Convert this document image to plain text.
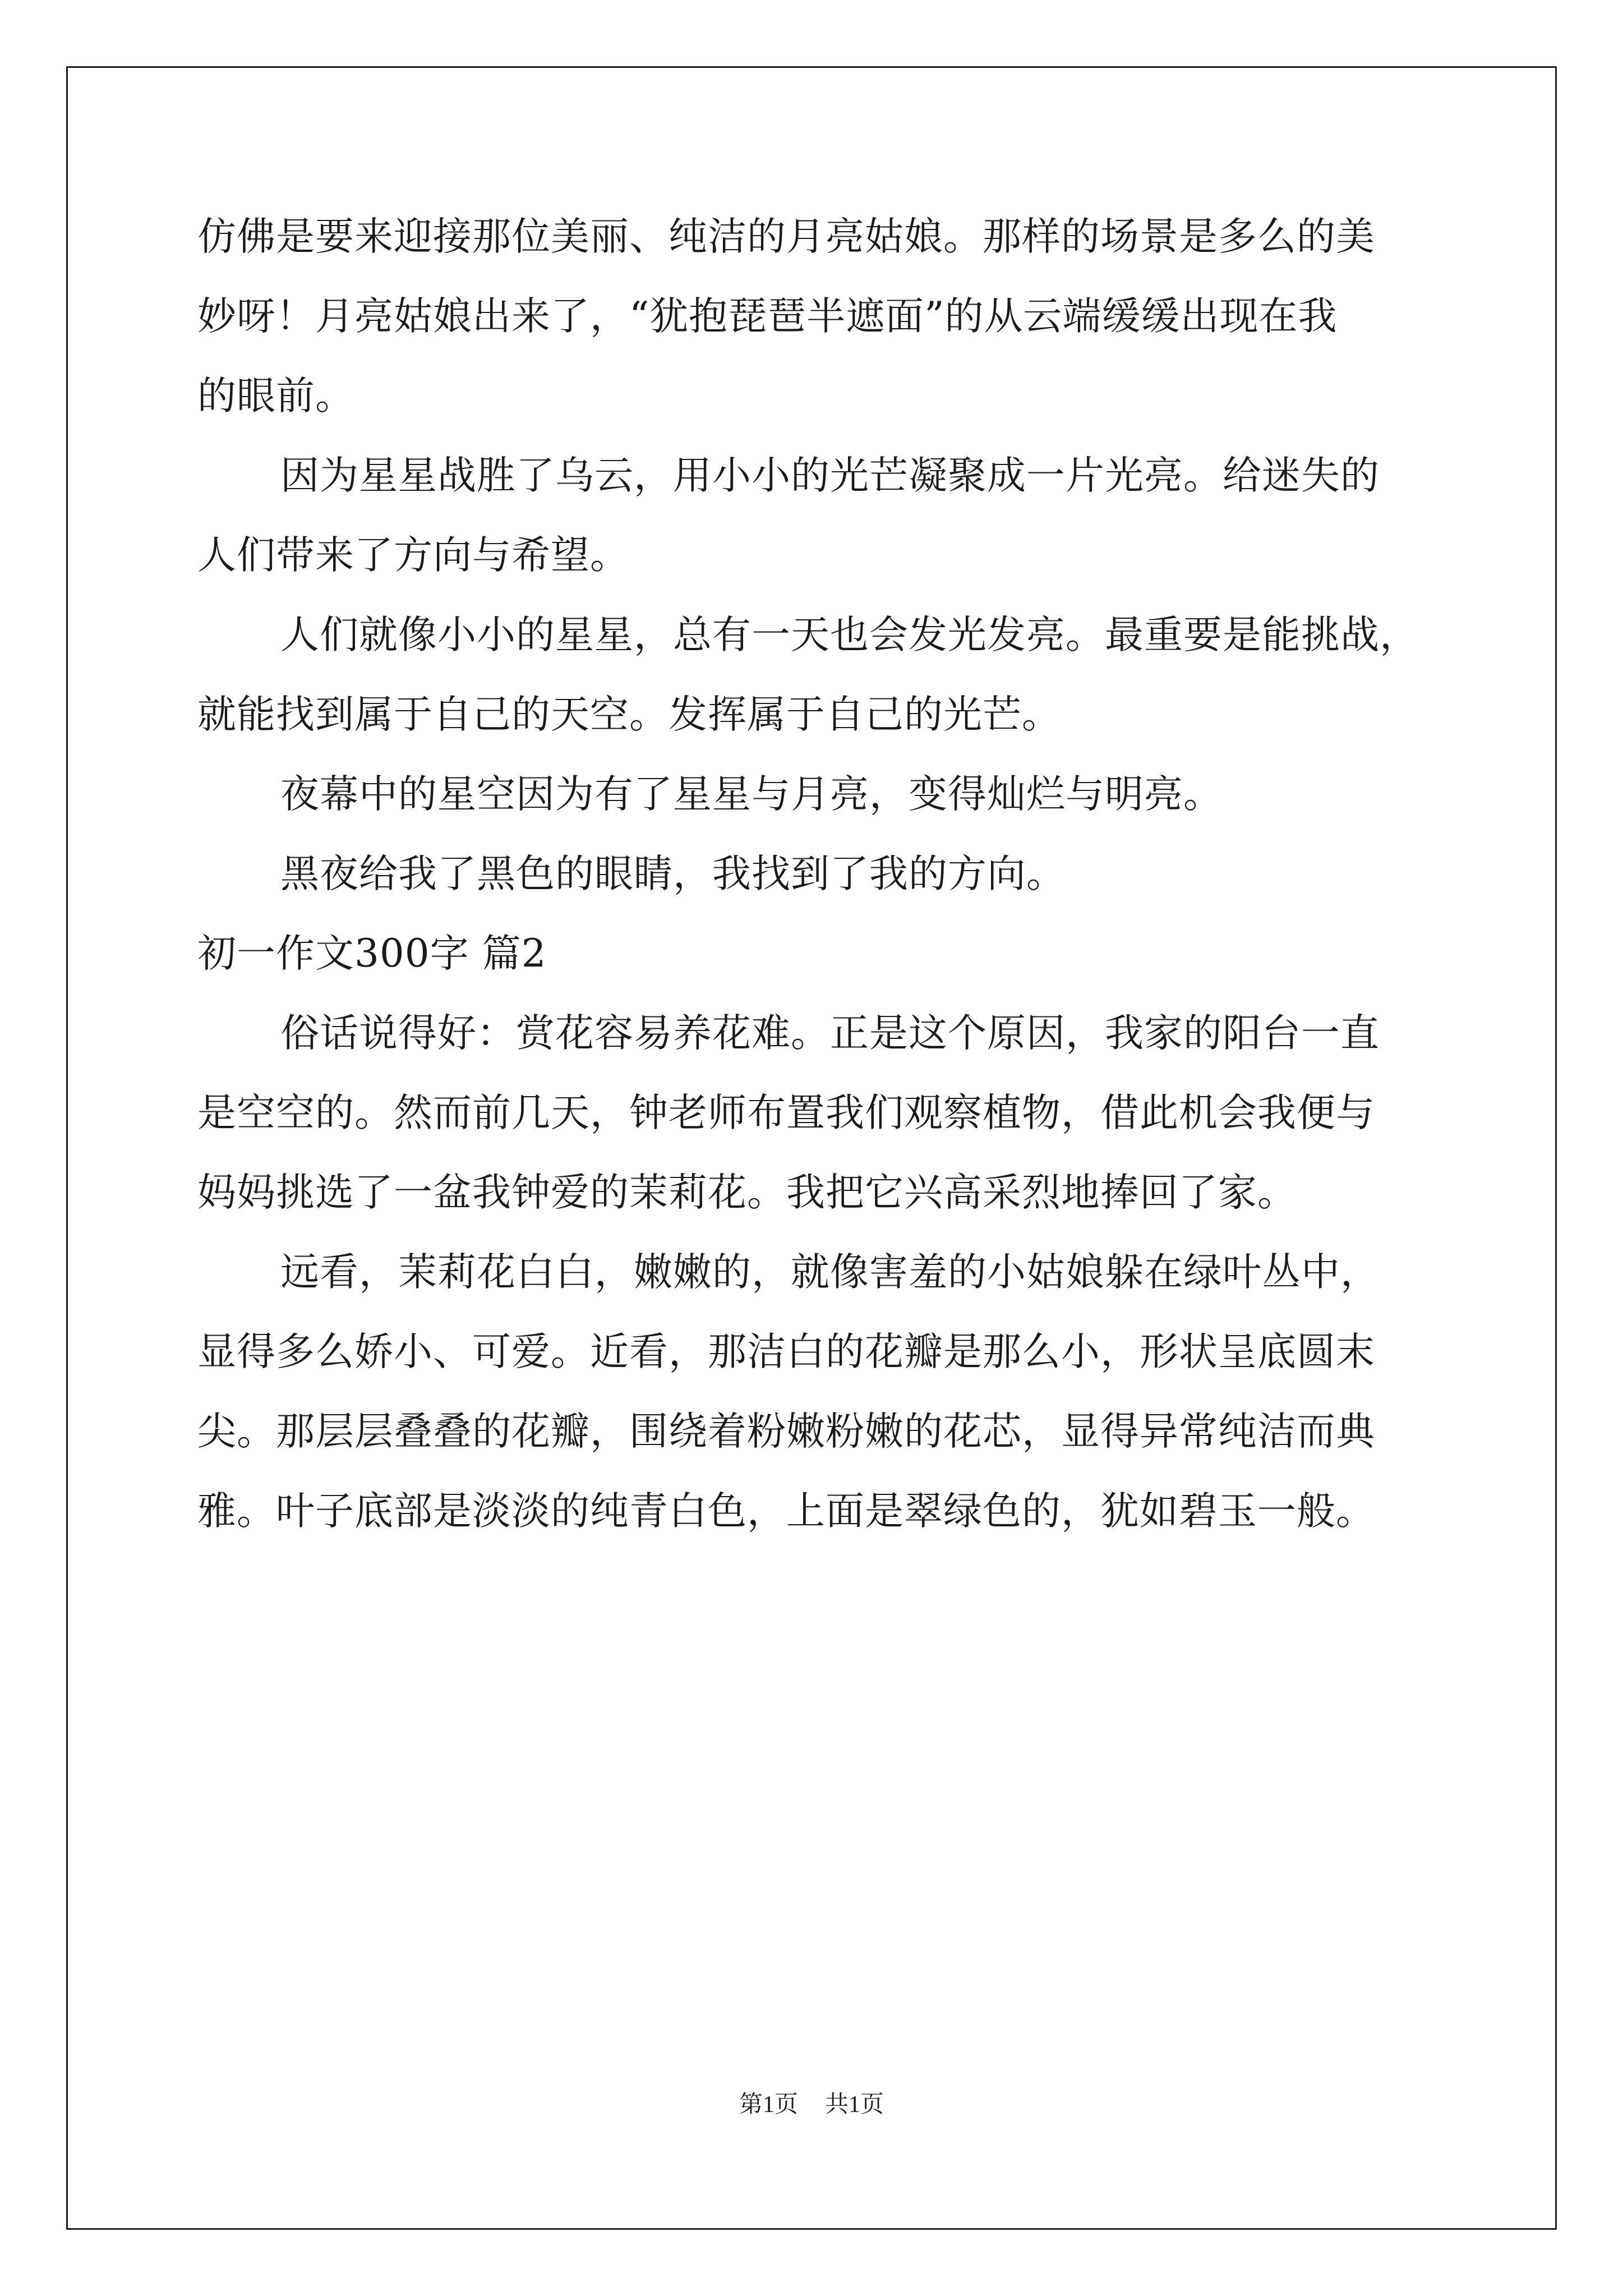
仿佛是要来迎接那位美丽、纯洁的月亮姑娘。那样的场景是多么的美
妙呀！月亮姑娘出来了，“犹抱琵琶半遮面”的从云端缓缓出现在我
的眼前。
因为星星战胜了乌云，用小小的光芒凝聚成一片光亮。给迷失的
人们带来了方向与希望。
人们就像小小的星星，总有一天也会发光发亮。最重要是能挑战，
就能找到属于自己的天空。发挥属于自己的光芒。
夜幕中的星空因为有了星星与月亮，变得灿烂与明亮。
黑夜给我了黑色的眼睛，我找到了我的方向。
初一作文300字 篇2
俗话说得好：赏花容易养花难。正是这个原因，我家的阳台一直
是空空的。然而前几天，钟老师布置我们观察植物，借此机会我便与
妈妈挑选了一盆我钟爱的茉莉花。我把它兴高采烈地捧回了家。
远看，茉莉花白白，嫩嫩的，就像害羞的小姑娘躲在绿叶丛中，
显得多么娇小、可爱。近看，那洁白的花瓣是那么小，形状呈底圆末
尖。那层层叠叠的花瓣，围绕着粉嫩粉嫩的花芯，显得异常纯洁而典
雅。叶子底部是淡淡的纯青白色，上面是翠绿色的，犹如碧玉一般。
第1页 共1页
